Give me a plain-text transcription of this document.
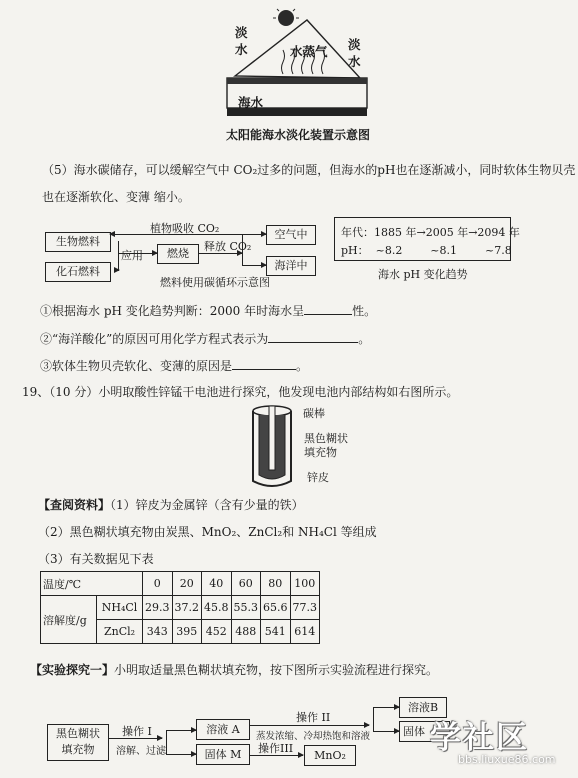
淡
水	淡
水
水蒸气
海水
太阳能海水淡化装置示意图
（5）海水碳储存，可以缓解空气中 CO₂过多的问题，但海水的pH也在逐渐减小，同时软体生物贝壳
也在逐渐软化、变薄 缩小。
生物燃料
化石燃料
燃烧
空气中
海洋中
植物吸收 CO₂
应用
释放 CO₂
燃料使用碳循环示意图
年代：1885 年→2005 年→2094 年
pH：  ~8.2        ~8.1        ~7.8
海水 pH 变化趋势
①根据海水 pH 变化趋势判断：2000 年时海水呈	性。
②“海洋酸化”的原因可用化学方程式表示为	。
③软体生物贝壳软化、变薄的原因是	。
19、（10 分）小明取酸性锌锰干电池进行探究，他发现电池内部结构如右图所示。
碳棒
黑色糊状
填充物
锌皮
【查阅资料】（1）锌皮为金属锌（含有少量的铁）
（2）黑色糊状填充物由炭黑、MnO₂、ZnCl₂和 NH₄Cl 等组成
（3）有关数据见下表
温度/℃		0	20	40	60	80	100
溶解度/g	NH₄Cl	29.3	37.2	45.8	55.3	65.6	77.3
	ZnCl₂	343	395	452	488	541	614
【实验探究一】小明取适量黑色糊状填充物，按下图所示实验流程进行探究。
黑色糊状
填充物
操作 I
溶解、过滤
溶液 A
固体 M
操作 II
蒸发浓缩、冷却热饱和溶液
溶液B
固体
操作III
MnO₂	学社区
bbs.liuxue86.com
